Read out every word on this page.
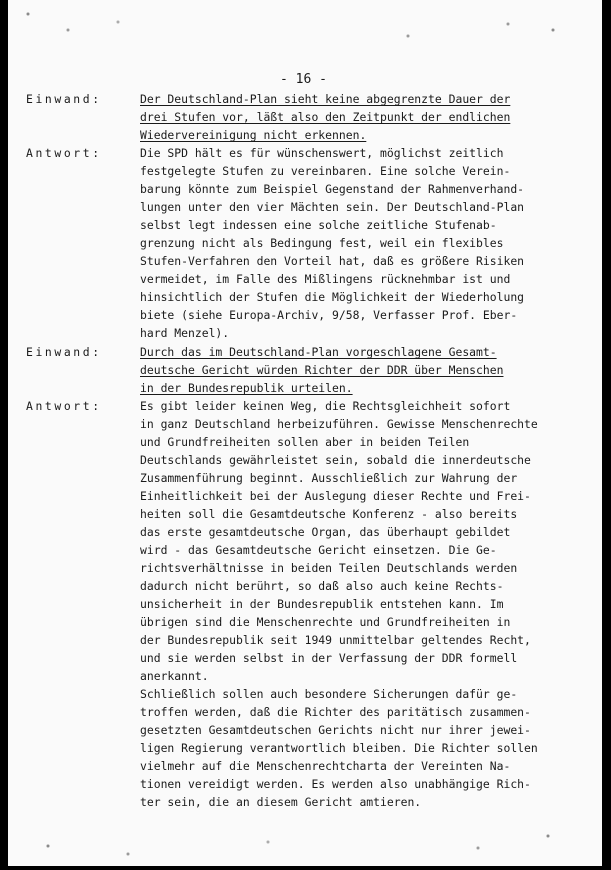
- 16 -
Einwand:	Der Deutschland-Plan sieht keine abgegrenzte Dauer der
drei Stufen vor, läßt also den Zeitpunkt der endlichen
Wiedervereinigung nicht erkennen.
Antwort:	Die SPD hält es für wünschenswert, möglichst zeitlich
festgelegte Stufen zu vereinbaren. Eine solche Verein-
barung könnte zum Beispiel Gegenstand der Rahmenverhand-
lungen unter den vier Mächten sein. Der Deutschland-Plan
selbst legt indessen eine solche zeitliche Stufenab-
grenzung nicht als Bedingung fest, weil ein flexibles
Stufen-Verfahren den Vorteil hat, daß es größere Risiken
vermeidet, im Falle des Mißlingens rücknehmbar ist und
hinsichtlich der Stufen die Möglichkeit der Wiederholung
biete (siehe Europa-Archiv, 9/58, Verfasser Prof. Eber-
hard Menzel).
Einwand:	Durch das im Deutschland-Plan vorgeschlagene Gesamt-
deutsche Gericht würden Richter der DDR über Menschen
in der Bundesrepublik urteilen.
Antwort:	Es gibt leider keinen Weg, die Rechtsgleichheit sofort
in ganz Deutschland herbeizuführen. Gewisse Menschenrechte
und Grundfreiheiten sollen aber in beiden Teilen
Deutschlands gewährleistet sein, sobald die innerdeutsche
Zusammenführung beginnt. Ausschließlich zur Wahrung der
Einheitlichkeit bei der Auslegung dieser Rechte und Frei-
heiten soll die Gesamtdeutsche Konferenz - also bereits
das erste gesamtdeutsche Organ, das überhaupt gebildet
wird - das Gesamtdeutsche Gericht einsetzen. Die Ge-
richtsverhältnisse in beiden Teilen Deutschlands werden
dadurch nicht berührt, so daß also auch keine Rechts-
unsicherheit in der Bundesrepublik entstehen kann. Im
übrigen sind die Menschenrechte und Grundfreiheiten in
der Bundesrepublik seit 1949 unmittelbar geltendes Recht,
und sie werden selbst in der Verfassung der DDR formell
anerkannt.
Schließlich sollen auch besondere Sicherungen dafür ge-
troffen werden, daß die Richter des paritätisch zusammen-
gesetzten Gesamtdeutschen Gerichts nicht nur ihrer jewei-
ligen Regierung verantwortlich bleiben. Die Richter sollen
vielmehr auf die Menschenrechtcharta der Vereinten Na-
tionen vereidigt werden. Es werden also unabhängige Rich-
ter sein, die an diesem Gericht amtieren.
